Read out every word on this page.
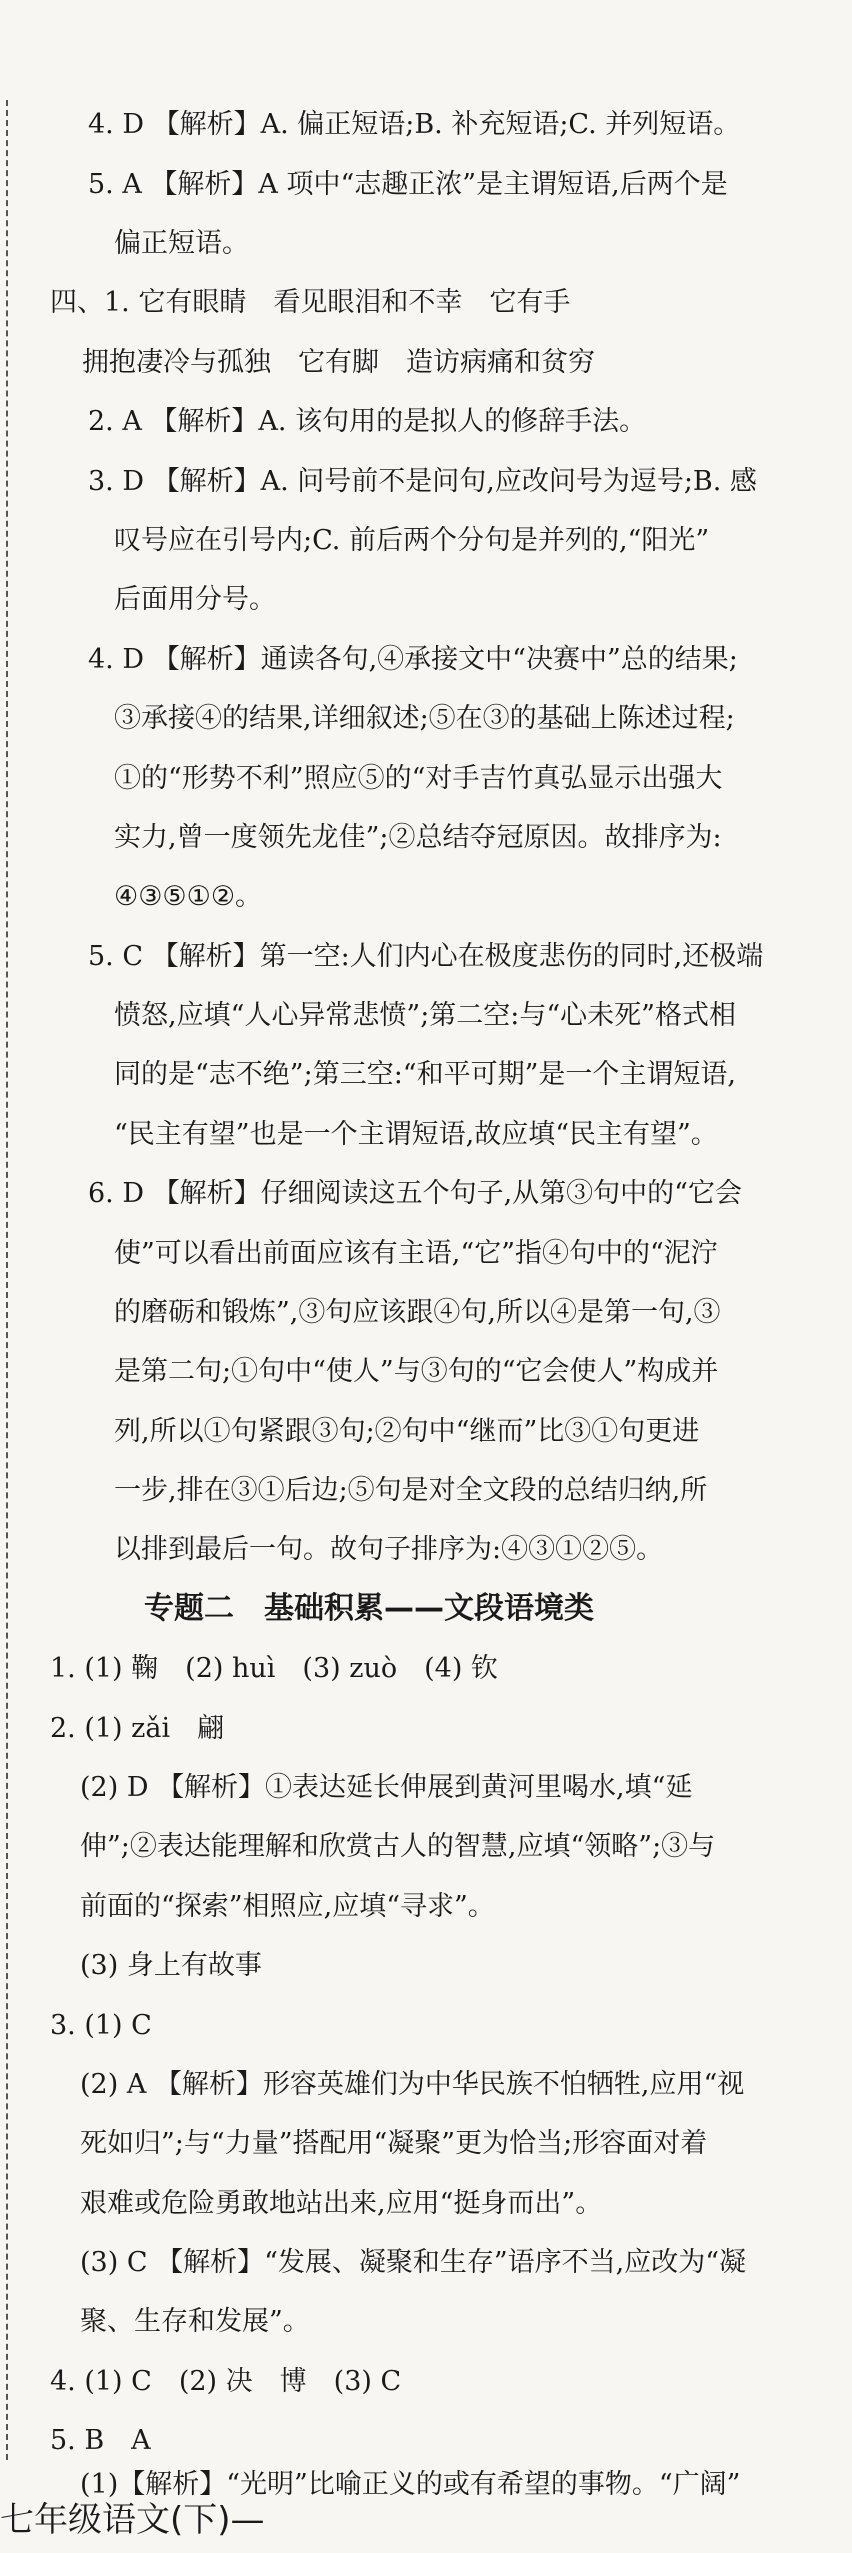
4. D 【解析】A. 偏正短语;B. 补充短语;C. 并列短语。
5. A 【解析】A 项中“志趣正浓”是主谓短语,后两个是
偏正短语。
四、1. 它有眼睛　看见眼泪和不幸　它有手
拥抱凄冷与孤独　它有脚　造访病痛和贫穷
2. A 【解析】A. 该句用的是拟人的修辞手法。
3. D 【解析】A. 问号前不是问句,应改问号为逗号;B. 感
叹号应在引号内;C. 前后两个分句是并列的,“阳光”
后面用分号。
4. D 【解析】通读各句,④承接文中“决赛中”总的结果;
③承接④的结果,详细叙述;⑤在③的基础上陈述过程;
①的“形势不利”照应⑤的“对手吉竹真弘显示出强大
实力,曾一度领先龙佳”;②总结夺冠原因。故排序为:
④③⑤①②。
5. C 【解析】第一空:人们内心在极度悲伤的同时,还极端
愤怒,应填“人心异常悲愤”;第二空:与“心未死”格式相
同的是“志不绝”;第三空:“和平可期”是一个主谓短语,
“民主有望”也是一个主谓短语,故应填“民主有望”。
6. D 【解析】仔细阅读这五个句子,从第③句中的“它会
使”可以看出前面应该有主语,“它”指④句中的“泥泞
的磨砺和锻炼”,③句应该跟④句,所以④是第一句,③
是第二句;①句中“使人”与③句的“它会使人”构成并
列,所以①句紧跟③句;②句中“继而”比③①句更进
一步,排在③①后边;⑤句是对全文段的总结归纳,所
以排到最后一句。故句子排序为:④③①②⑤。
专题二　基础积累——文段语境类
1. (1) 鞠　(2) huì　(3) zuò　(4) 钦
2. (1) zǎi　翩
(2) D 【解析】①表达延长伸展到黄河里喝水,填“延
伸”;②表达能理解和欣赏古人的智慧,应填“领略”;③与
前面的“探索”相照应,应填“寻求”。
(3) 身上有故事
3. (1) C
(2) A 【解析】形容英雄们为中华民族不怕牺牲,应用“视
死如归”;与“力量”搭配用“凝聚”更为恰当;形容面对着
艰难或危险勇敢地站出来,应用“挺身而出”。
(3) C 【解析】“发展、凝聚和生存”语序不当,应改为“凝
聚、生存和发展”。
4. (1) C　(2) 决　博　(3) C
5. B　A
(1)【解析】“光明”比喻正义的或有希望的事物。“广阔”
七年级语文(下)—
